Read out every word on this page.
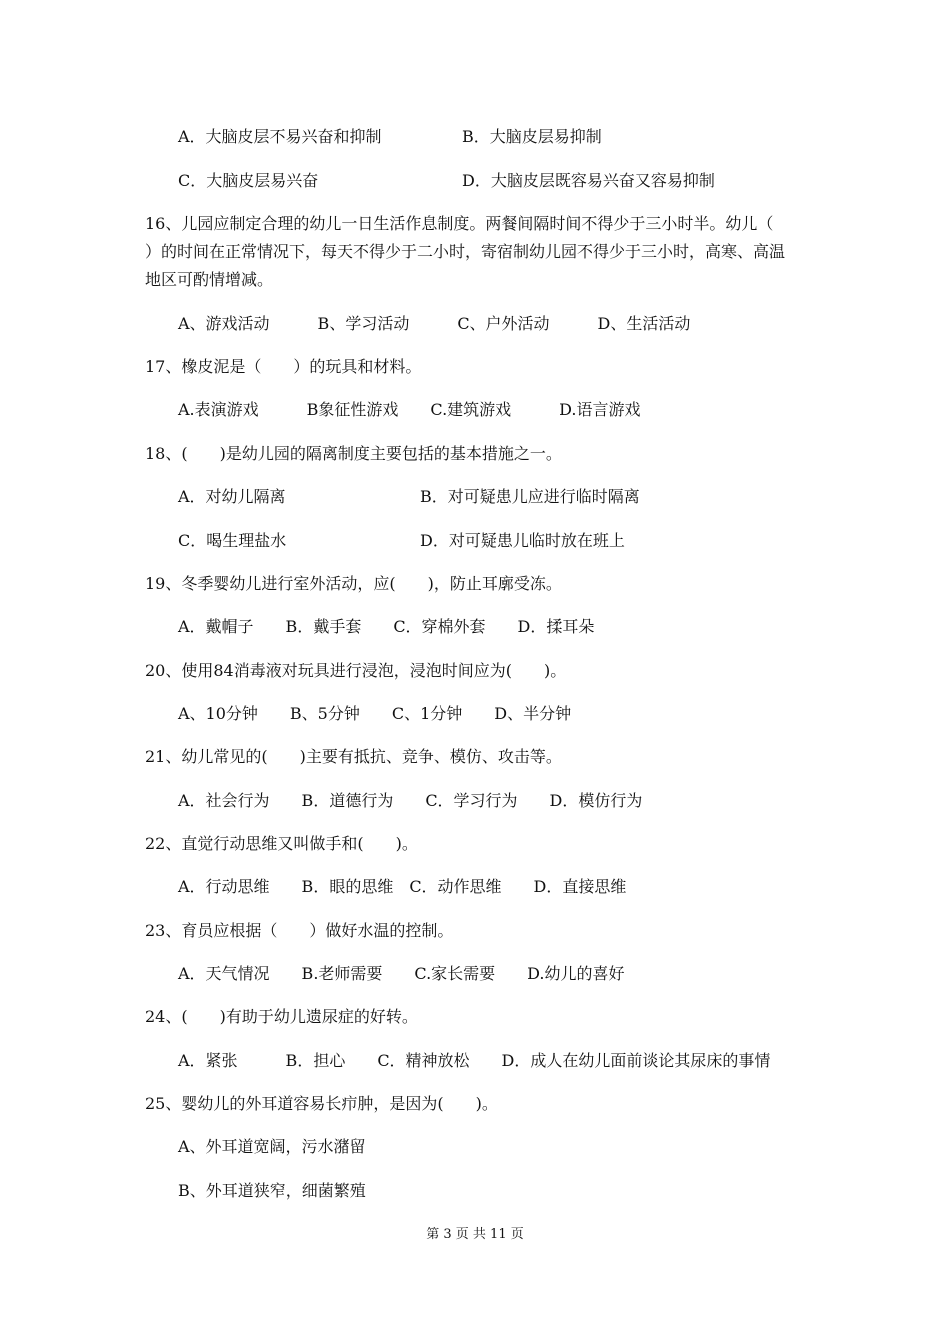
A．大脑皮层不易兴奋和抑制	B．大脑皮层易抑制
C．大脑皮层易兴奋	D．大脑皮层既容易兴奋又容易抑制
16、儿园应制定合理的幼儿一日生活作息制度。两餐间隔时间不得少于三小时半。幼儿（
）的时间在正常情况下，每天不得少于二小时，寄宿制幼儿园不得少于三小时，高寒、高温
地区可酌情增减。
A、游戏活动　　　B、学习活动　　　C、户外活动　　　D、生活活动
17、橡皮泥是（　　）的玩具和材料。
A.表演游戏　　　B象征性游戏　　C.建筑游戏　　　D.语言游戏
18、(　　)是幼儿园的隔离制度主要包括的基本措施之一。
A．对幼儿隔离	B．对可疑患儿应进行临时隔离
C．喝生理盐水	D．对可疑患儿临时放在班上
19、冬季婴幼儿进行室外活动，应(　　)，防止耳廓受冻。
A．戴帽子　　B．戴手套　　C．穿棉外套　　D．揉耳朵
20、使用84消毒液对玩具进行浸泡，浸泡时间应为(　　)。
A、10分钟　　B、5分钟　　C、1分钟　　D、半分钟
21、幼儿常见的(　　)主要有抵抗、竞争、模仿、攻击等。
A．社会行为　　B．道德行为　　C．学习行为　　D．模仿行为
22、直觉行动思维又叫做手和(　　)。
A．行动思维　　B．眼的思维　C．动作思维　　D．直接思维
23、育员应根据（　　）做好水温的控制。
A．天气情况　　B.老师需要　　C.家长需要　　D.幼儿的喜好
24、(　　)有助于幼儿遗尿症的好转。
A．紧张　　　B．担心　　C．精神放松　　D．成人在幼儿面前谈论其尿床的事情
25、婴幼儿的外耳道容易长疖肿，是因为(　　)。
A、外耳道宽阔，污水潴留
B、外耳道狭窄，细菌繁殖
第 3 页 共 11 页
